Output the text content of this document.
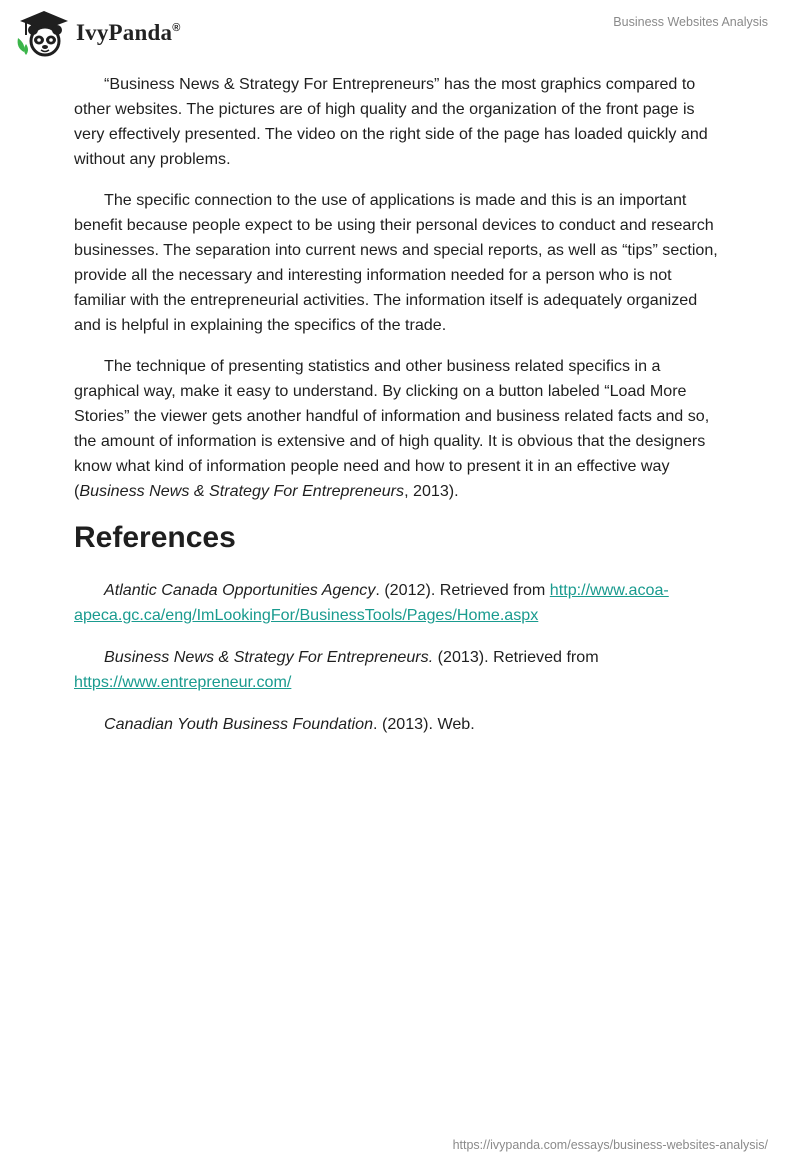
IvyPanda®	Business Websites Analysis

“Business News & Strategy For Entrepreneurs” has the most graphics compared to other websites. The pictures are of high quality and the organization of the front page is very effectively presented. The video on the right side of the page has loaded quickly and without any problems.

The specific connection to the use of applications is made and this is an important benefit because people expect to be using their personal devices to conduct and research businesses. The separation into current news and special reports, as well as “tips” section, provide all the necessary and interesting information needed for a person who is not familiar with the entrepreneurial activities. The information itself is adequately organized and is helpful in explaining the specifics of the trade.

The technique of presenting statistics and other business related specifics in a graphical way, make it easy to understand. By clicking on a button labeled “Load More Stories” the viewer gets another handful of information and business related facts and so, the amount of information is extensive and of high quality. It is obvious that the designers know what kind of information people need and how to present it in an effective way (Business News & Strategy For Entrepreneurs, 2013).

References

Atlantic Canada Opportunities Agency. (2012). Retrieved from http://www.acoa-apeca.gc.ca/eng/ImLookingFor/BusinessTools/Pages/Home.aspx

Business News & Strategy For Entrepreneurs. (2013). Retrieved from https://www.entrepreneur.com/

Canadian Youth Business Foundation. (2013). Web.

https://ivypanda.com/essays/business-websites-analysis/
